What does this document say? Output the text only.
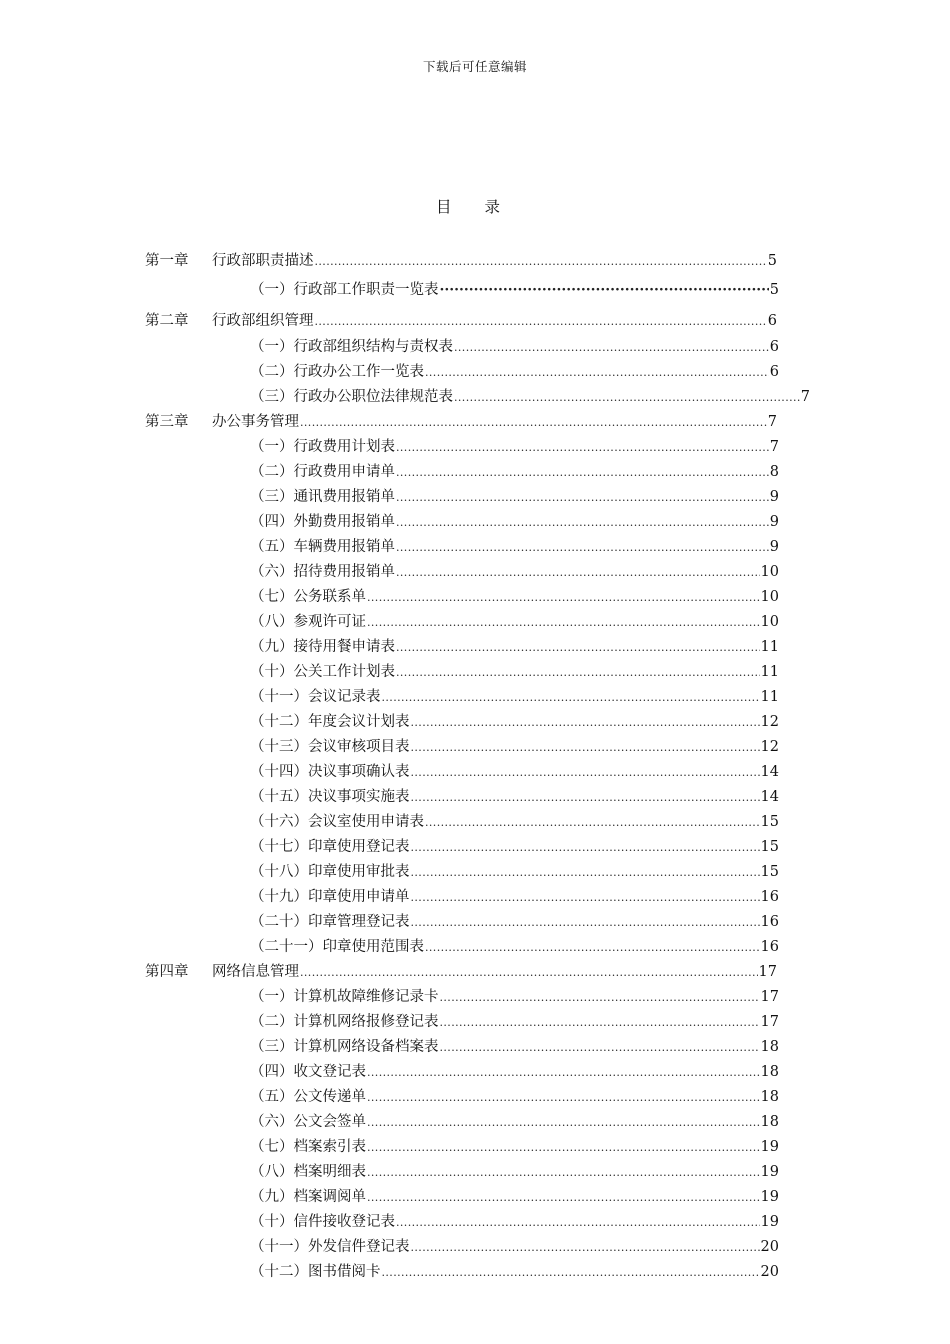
下载后可任意编辑
目 录
第一章 行政部职责描述 .....	5
（一）行政部工作职责一览表 ·····	5
第二章 行政部组织管理 .....	6
（一）行政部组织结构与责权表 .....	6
（二）行政办公工作一览表 .....	6
（三）行政办公职位法律规范表 .....	7
第三章 办公事务管理 .....	7
（一）行政费用计划表 .....	7
（二）行政费用申请单 .....	8
（三）通讯费用报销单 .....	9
（四）外勤费用报销单 .....	9
（五）车辆费用报销单 .....	9
（六）招待费用报销单 .....	10
（七）公务联系单 .....	10
（八）参观许可证 .....	10
（九）接待用餐申请表 .....	11
（十）公关工作计划表 .....	11
（十一）会议记录表 .....	11
（十二）年度会议计划表 .....	12
（十三）会议审核项目表 .....	12
（十四）决议事项确认表 .....	14
（十五）决议事项实施表 .....	14
（十六）会议室使用申请表 .....	15
（十七）印章使用登记表 .....	15
（十八）印章使用审批表 .....	15
（十九）印章使用申请单 .....	16
（二十）印章管理登记表 .....	16
（二十一）印章使用范围表 .....	16
第四章 网络信息管理 .....	17
（一）计算机故障维修记录卡 .....	17
（二）计算机网络报修登记表 .....	17
（三）计算机网络设备档案表 .....	18
（四）收文登记表 .....	18
（五）公文传递单 .....	18
（六）公文会签单 .....	18
（七）档案索引表 .....	19
（八）档案明细表 .....	19
（九）档案调阅单 .....	19
（十）信件接收登记表 .....	19
（十一）外发信件登记表 .....	20
（十二）图书借阅卡 .....	20
